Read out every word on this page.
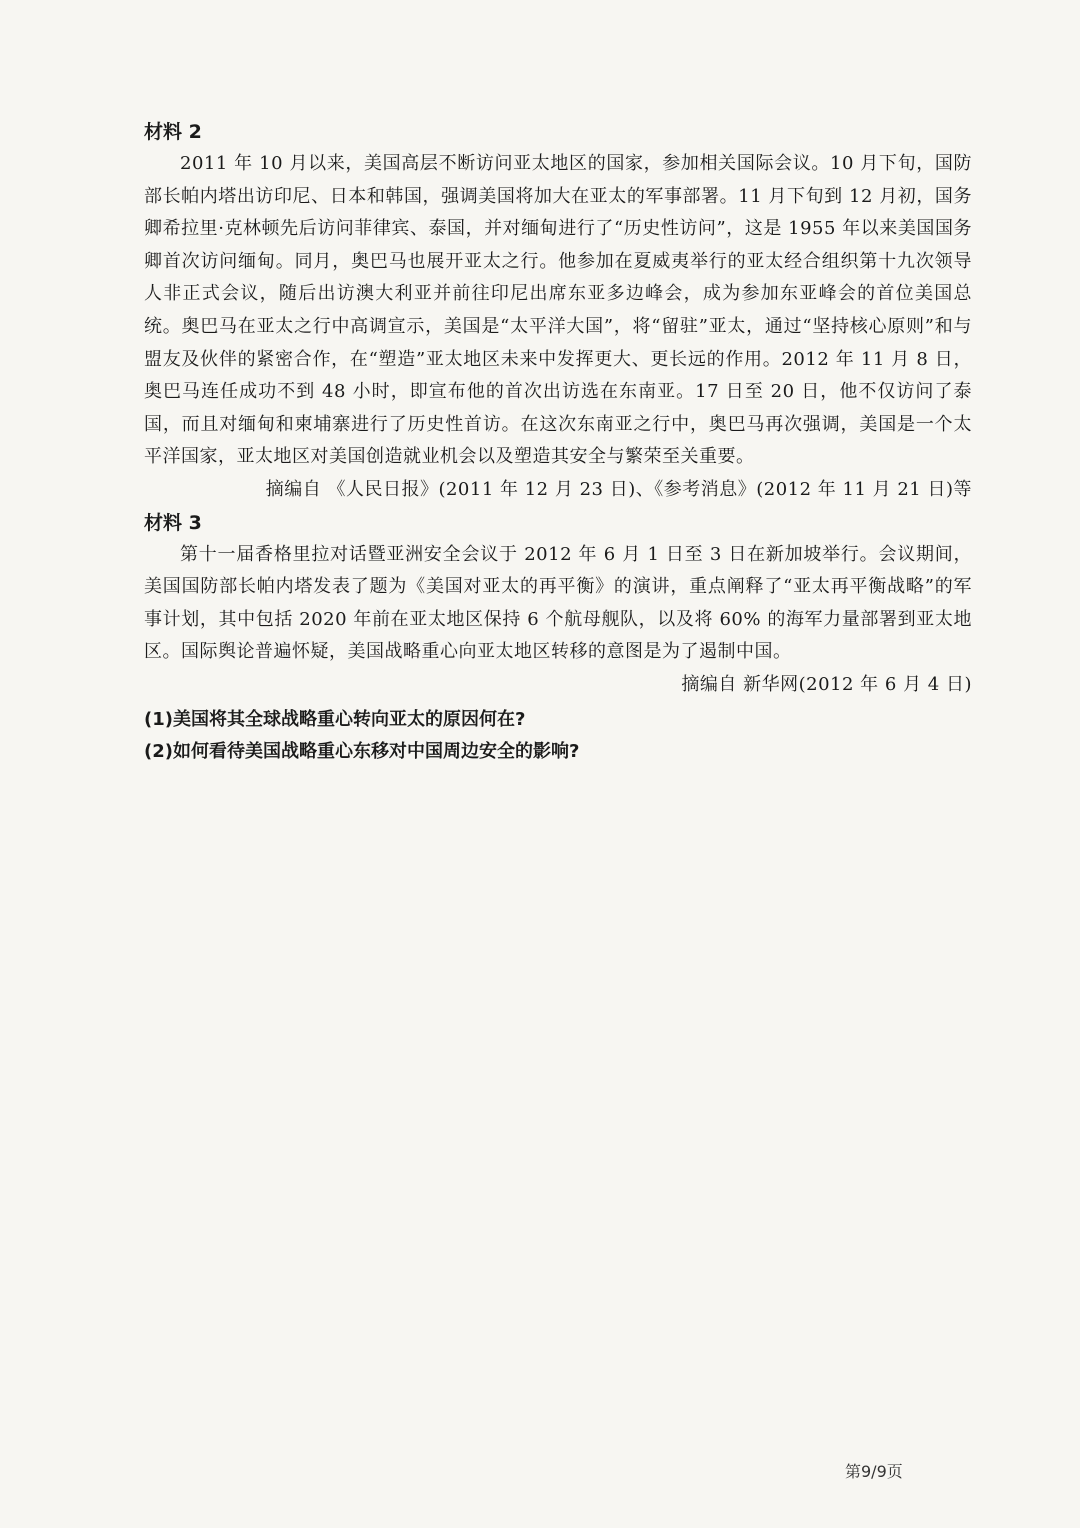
材料 2

2011 年 10 月以来，美国高层不断访问亚太地区的国家，参加相关国际会议。10 月下旬，国防部长帕内塔出访印尼、日本和韩国，强调美国将加大在亚太的军事部署。11 月下旬到 12 月初，国务卿希拉里·克林顿先后访问菲律宾、泰国，并对缅甸进行了“历史性访问”，这是 1955 年以来美国国务卿首次访问缅甸。同月，奥巴马也展开亚太之行。他参加在夏威夷举行的亚太经合组织第十九次领导人非正式会议，随后出访澳大利亚并前往印尼出席东亚多边峰会，成为参加东亚峰会的首位美国总统。奥巴马在亚太之行中高调宣示，美国是“太平洋大国”，将“留驻”亚太，通过“坚持核心原则”和与盟友及伙伴的紧密合作，在“塑造”亚太地区未来中发挥更大、更长远的作用。2012 年 11 月 8 日，奥巴马连任成功不到 48 小时，即宣布他的首次出访选在东南亚。17 日至 20 日，他不仅访问了泰国，而且对缅甸和柬埔寨进行了历史性首访。在这次东南亚之行中，奥巴马再次强调，美国是一个太平洋国家，亚太地区对美国创造就业机会以及塑造其安全与繁荣至关重要。

摘编自 《人民日报》(2011 年 12 月 23 日)、《参考消息》(2012 年 11 月 21 日)等

材料 3

第十一届香格里拉对话暨亚洲安全会议于 2012 年 6 月 1 日至 3 日在新加坡举行。会议期间，美国国防部长帕内塔发表了题为《美国对亚太的再平衡》的演讲，重点阐释了“亚太再平衡战略”的军事计划，其中包括 2020 年前在亚太地区保持 6 个航母舰队，以及将 60% 的海军力量部署到亚太地区。国际舆论普遍怀疑，美国战略重心向亚太地区转移的意图是为了遏制中国。

摘编自 新华网(2012 年 6 月 4 日)

(1)美国将其全球战略重心转向亚太的原因何在?

(2)如何看待美国战略重心东移对中国周边安全的影响?

第9/9页
